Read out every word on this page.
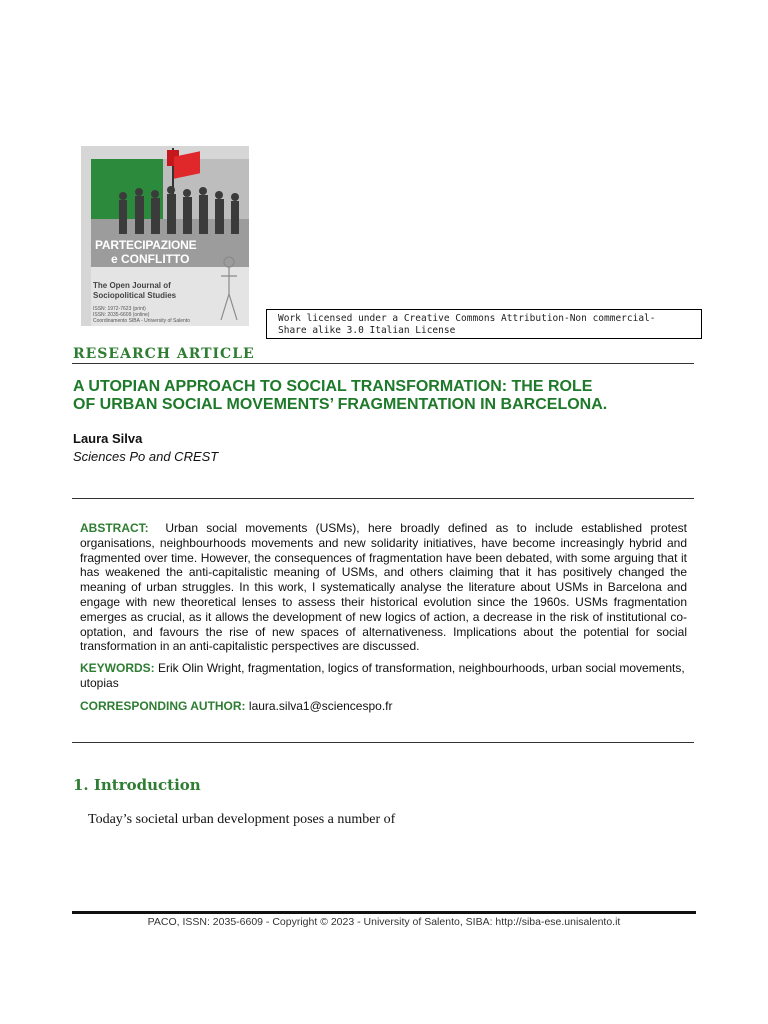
PARTECIPAZIONE
e CONFLITTO
The Open Journal of Sociopolitical Studies
ISSN: 1972-7623 (print)
ISSN: 2035-6609 (online)
Coordinamento SIBA - University of Salento	Work licensed under a Creative Commons Attribution-Non commercial-
Share alike 3.0 Italian License
RESEARCH ARTICLE
A UTOPIAN APPROACH TO SOCIAL TRANSFORMATION: THE ROLE
OF URBAN SOCIAL MOVEMENTS’ FRAGMENTATION IN BARCELONA.
Laura Silva
Sciences Po and CREST
ABSTRACT: Urban social movements (USMs), here broadly defined as to include established protest organisations, neighbourhoods movements and new solidarity initiatives, have become increasingly hybrid and fragmented over time. However, the consequences of fragmentation have been debated, with some arguing that it has weakened the anti-capitalistic meaning of USMs, and others claiming that it has positively changed the meaning of urban struggles. In this work, I systematically analyse the literature about USMs in Barcelona and engage with new theoretical lenses to assess their historical evolution since the 1960s. USMs fragmentation emerges as crucial, as it allows the development of new logics of action, a decrease in the risk of institutional co-optation, and favours the rise of new spaces of alternativeness. Implications about the potential for social transformation in an anti-capitalistic perspectives are discussed.
KEYWORDS: Erik Olin Wright, fragmentation, logics of transformation, neighbourhoods, urban social movements, utopias
CORRESPONDING AUTHOR: laura.silva1@sciencespo.fr
1. Introduction
Today’s societal urban development poses a number of
PACO, ISSN: 2035-6609 - Copyright © 2023 - University of Salento, SIBA: http://siba-ese.unisalento.it
